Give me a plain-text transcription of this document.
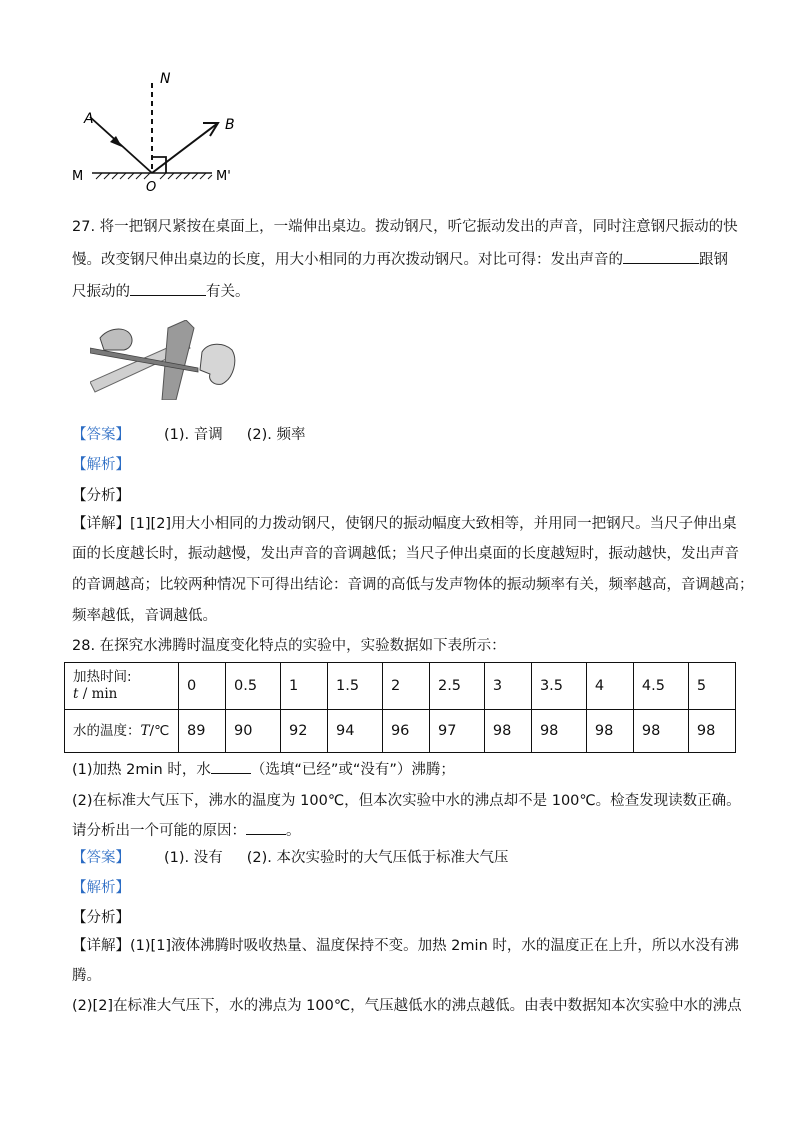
N
A	B
M
O
M'
27. 将一把钢尺紧按在桌面上，一端伸出桌边。拨动钢尺，听它振动发出的声音，同时注意钢尺振动的快
慢。改变钢尺伸出桌边的长度，用大小相同的力再次拨动钢尺。对比可得：发出声音的	跟钢
尺振动的	有关。
【答案】 (1). 音调 (2). 频率
【解析】
【分析】
【详解】[1][2]用大小相同的力拨动钢尺，使钢尺的振动幅度大致相等，并用同一把钢尺。当尺子伸出桌
面的长度越长时，振动越慢，发出声音的音调越低；当尺子伸出桌面的长度越短时，振动越快，发出声音
的音调越高；比较两种情况下可得出结论：音调的高低与发声物体的振动频率有关，频率越高，音调越高；
频率越低，音调越低。
28. 在探究水沸腾时温度变化特点的实验中，实验数据如下表所示：
加热时间:
t / min	0	0.5	1	1.5	2	2.5	3	3.5	4	4.5	5
水的温度：T/℃	89	90	92	94	96	97	98	98	98	98	98
(1)加热 2min 时，水	（选填“已经”或“没有”）沸腾；
(2)在标准大气压下，沸水的温度为 100℃，但本次实验中水的沸点却不是 100℃。检查发现读数正确。
请分析出一个可能的原因：	。
【答案】 (1). 没有 (2). 本次实验时的大气压低于标准大气压
【解析】
【分析】
【详解】(1)[1]液体沸腾时吸收热量、温度保持不变。加热 2min 时，水的温度正在上升，所以水没有沸
腾。
(2)[2]在标准大气压下，水的沸点为 100℃，气压越低水的沸点越低。由表中数据知本次实验中水的沸点
